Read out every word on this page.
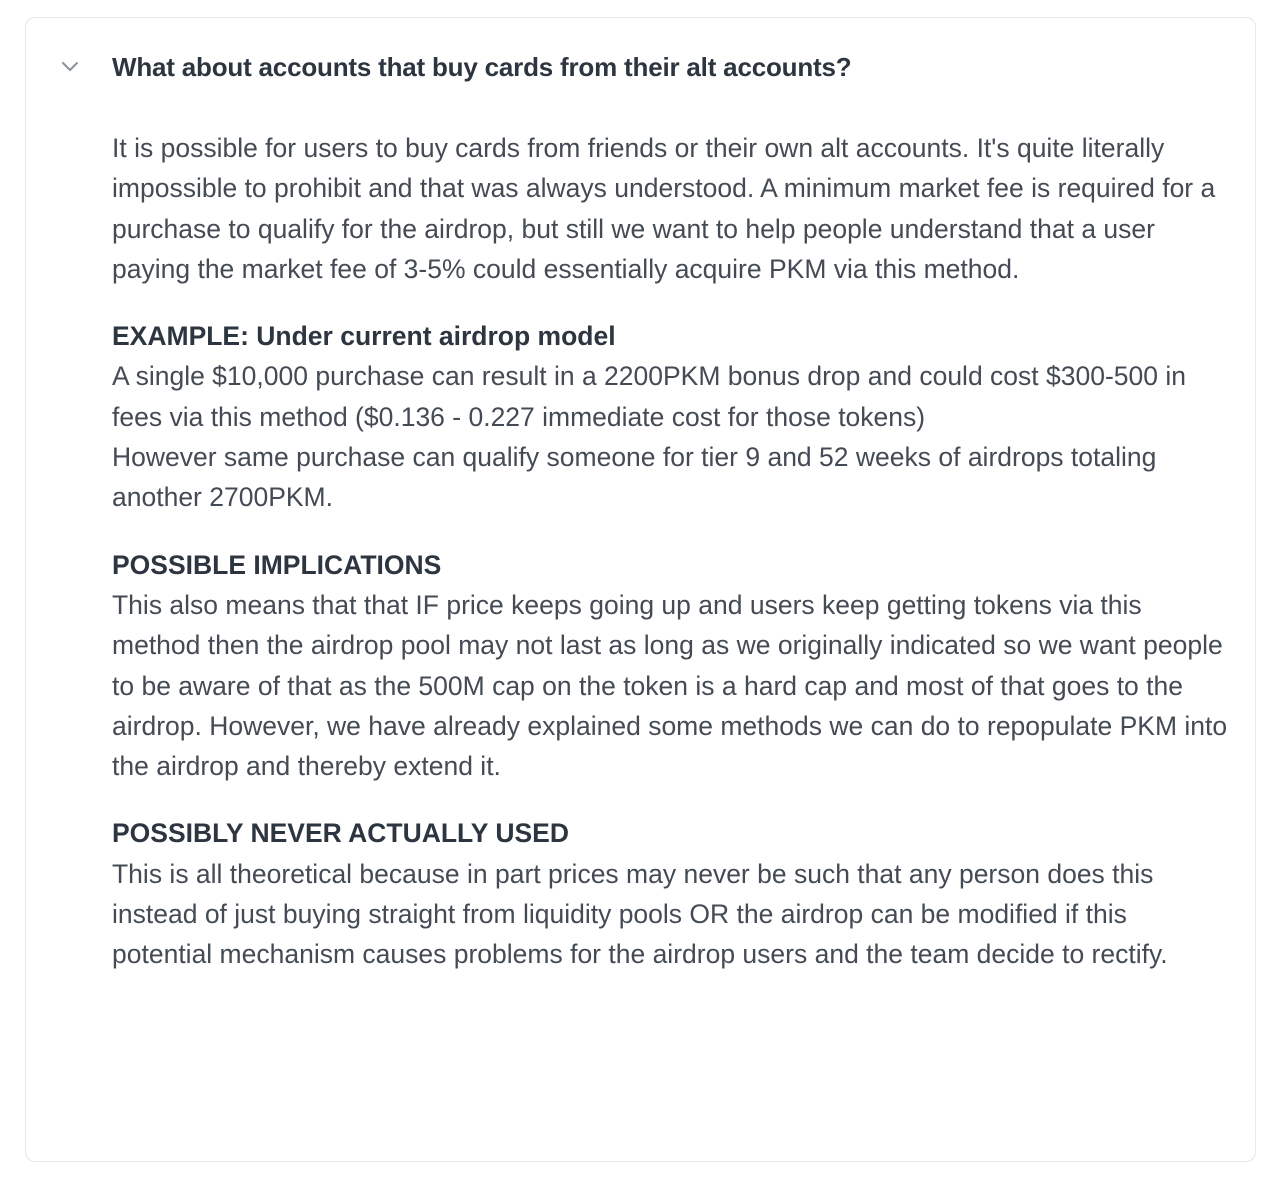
What about accounts that buy cards from their alt accounts?

It is possible for users to buy cards from friends or their own alt accounts. It's quite literally impossible to prohibit and that was always understood. A minimum market fee is required for a purchase to qualify for the airdrop, but still we want to help people understand that a user paying the market fee of 3-5% could essentially acquire PKM via this method.

EXAMPLE: Under current airdrop model
A single $10,000 purchase can result in a 2200PKM bonus drop and could cost $300-500 in fees via this method ($0.136 - 0.227 immediate cost for those tokens)
However same purchase can qualify someone for tier 9 and 52 weeks of airdrops totaling another 2700PKM.

POSSIBLE IMPLICATIONS
This also means that that IF price keeps going up and users keep getting tokens via this method then the airdrop pool may not last as long as we originally indicated so we want people to be aware of that as the 500M cap on the token is a hard cap and most of that goes to the airdrop. However, we have already explained some methods we can do to repopulate PKM into the airdrop and thereby extend it.

POSSIBLY NEVER ACTUALLY USED
This is all theoretical because in part prices may never be such that any person does this instead of just buying straight from liquidity pools OR the airdrop can be modified if this potential mechanism causes problems for the airdrop users and the team decide to rectify.
